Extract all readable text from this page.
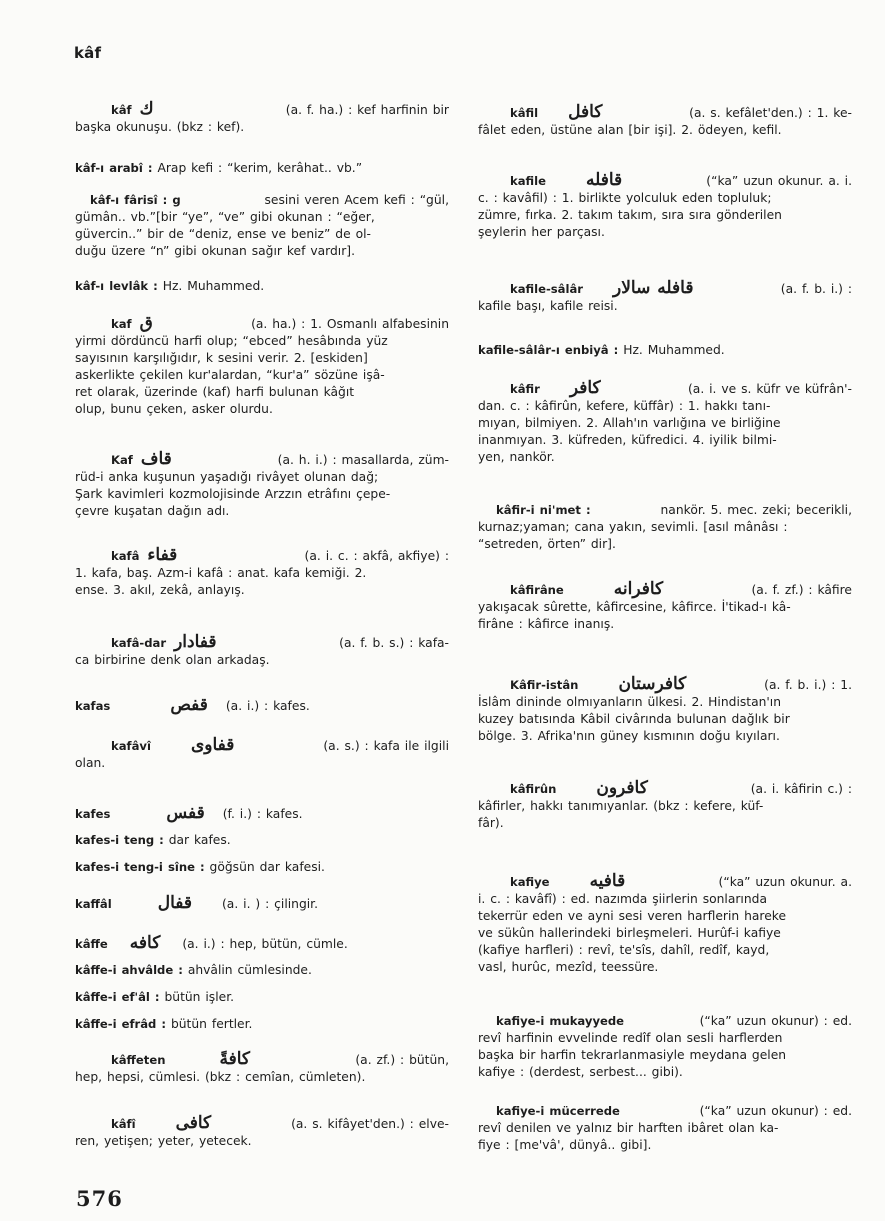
kâf
kâf ك	(a. f. ha.) : kef harfinin bir
başka okunuşu. (bkz : kef).
kâf-ı arabî : Arap kefi : “kerim, kerâhat.. vb.”
kâf-ı fârisî : g	sesini veren Acem kefi : “gül,
gümân.. vb.”[bir “ye”, “ve” gibi okunan : “eğer,
güvercin..” bir de “deniz, ense ve beniz” de ol-
duğu üzere “n” gibi okunan sağır kef vardır].
kâf-ı levlâk : Hz. Muhammed.
kaf ق	(a. ha.) : 1. Osmanlı alfabesinin
yirmi dördüncü harfi olup; “ebced” hesâbında yüz
sayısının karşılığıdır, k sesini verir. 2. [eskiden]
askerlikte çekilen kur'alardan, “kur'a” sözüne işâ-
ret olarak, üzerinde (kaf) harfi bulunan kâğıt
olup, bunu çeken, asker olurdu.
Kaf قاف	(a. h. i.) : masallarda, züm-
rüd-i anka kuşunun yaşadığı rivâyet olunan dağ;
Şark kavimleri kozmolojisinde Arzzın etrâfını çepe-
çevre kuşatan dağın adı.
kafâ قفاء	(a. i. c. : akfâ, akfiye) :
1. kafa, baş. Azm-i kafâ : anat. kafa kemiği. 2.
ense. 3. akıl, zekâ, anlayış.
kafâ-dar قفادار	(a. f. b. s.) : kafa-
ca birbirine denk olan arkadaş.
kafas	قفص (a. i.) : kafes.
kafâvî قفاوى	(a. s.) : kafa ile ilgili
olan.
kafes	قفس (f. i.) : kafes.
kafes-i teng : dar kafes.
kafes-i teng-i sîne : göğsün dar kafesi.
kaffâl	قفال (a. i. ) : çilingir.
kâffe كافه (a. i.) : hep, bütün, cümle.
kâffe-i ahvâlde : ahvâlin cümlesinde.
kâffe-i ef'âl : bütün işler.
kâffe-i efrâd : bütün fertler.
kâffeten	كافةً	(a. zf.) : bütün,
hep, hepsi, cümlesi. (bkz : cemîan, cümleten).
kâfî كافى	(a. s. kifâyet'den.) : elve-
ren, yetişen; yeter, yetecek.
kâfil كافل	(a. s. kefâlet'den.) : 1. ke-
fâlet eden, üstüne alan [bir işi]. 2. ödeyen, kefil.
kafile قافله	(“ka” uzun okunur. a. i.
c. : kavâfil) : 1. birlikte yolculuk eden topluluk;
zümre, fırka. 2. takım takım, sıra sıra gönderilen
şeylerin her parçası.
kafile-sâlâr قافله سالار	(a. f. b. i.) :
kafile başı, kafile reisi.
kafile-sâlâr-ı enbiyâ : Hz. Muhammed.
kâfir كافر	(a. i. ve s. küfr ve küfrân'-
dan. c. : kâfirûn, kefere, küffâr) : 1. hakkı tanı-
mıyan, bilmiyen. 2. Allah'ın varlığına ve birliğine
inanmıyan. 3. küfreden, küfredici. 4. iyilik bilmi-
yen, nankör.
kâfir-i ni'met :	nankör. 5. mec. zeki; becerikli,
kurnaz;yaman; cana yakın, sevimli. [asıl mânâsı :
“setreden, örten” dir].
kâfirâne	كافرانه	(a. f. zf.) : kâfire
yakışacak sûrette, kâfircesine, kâfirce. İ'tikad-ı kâ-
firâne : kâfirce inanış.
Kâfir-istân كافرستان	(a. f. b. i.) : 1.
İslâm dininde olmıyanların ülkesi. 2. Hindistan'ın
kuzey batısında Kâbil civârında bulunan dağlık bir
bölge. 3. Afrika'nın güney kısmının doğu kıyıları.
kâfirûn كافرون	(a. i. kâfirin c.) :
kâfirler, hakkı tanımıyanlar. (bkz : kefere, küf-
fâr).
kafiye قافيه	(“ka” uzun okunur. a.
i. c. : kavâfî) : ed. nazımda şiirlerin sonlarında
tekerrür eden ve ayni sesi veren harflerin hareke
ve sükûn hallerindeki birleşmeleri. Hurûf-i kafiye
(kafiye harfleri) : revî, te'sîs, dahîl, redîf, kayd,
vasl, hurûc, mezîd, teessüre.
kafiye-i mukayyede	(“ka” uzun okunur) : ed.
revî harfinin evvelinde redîf olan sesli harflerden
başka bir harfin tekrarlanmasiyle meydana gelen
kafiye : (derdest, serbest... gibi).
kafiye-i mücerrede	(“ka” uzun okunur) : ed.
revî denilen ve yalnız bir harften ibâret olan ka-
fiye : [me'vâ', dünyâ.. gibi].
576
